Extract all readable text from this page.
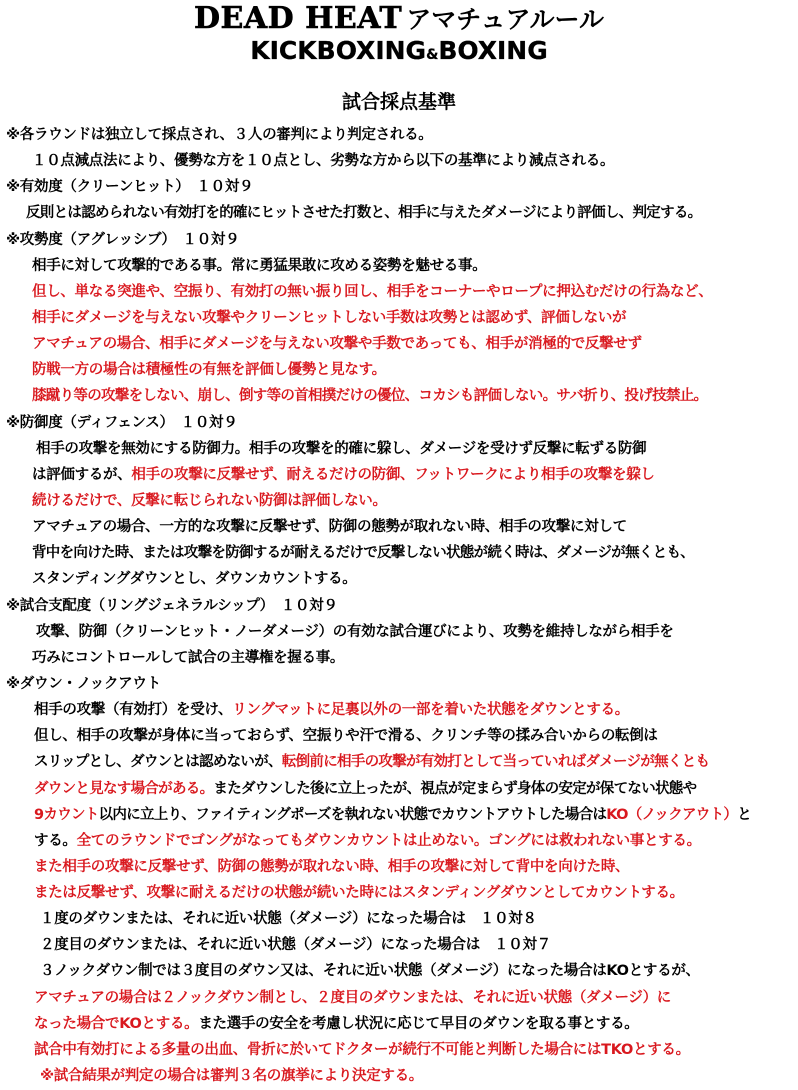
DEAD HEAT アマチュアルール
KICKBOXING&BOXING
試合採点基準
※各ラウンドは独立して採点され、３人の審判により判定される。
１０点減点法により、優勢な方を１０点とし、劣勢な方から以下の基準により減点される。
※有効度（クリーンヒット）　１０対９
反則とは認められない有効打を的確にヒットさせた打数と、相手に与えたダメージにより評価し、判定する。
※攻勢度（アグレッシブ）　１０対９
相手に対して攻撃的である事。常に勇猛果敢に攻める姿勢を魅せる事。
但し、単なる突進や、空振り、有効打の無い振り回し、相手をコーナーやロープに押込むだけの行為など、
相手にダメージを与えない攻撃やクリーンヒットしない手数は攻勢とは認めず、評価しないが
アマチュアの場合、相手にダメージを与えない攻撃や手数であっても、相手が消極的で反撃せず
防戦一方の場合は積極性の有無を評価し優勢と見なす。
膝蹴り等の攻撃をしない、崩し、倒す等の首相撲だけの優位、コカシも評価しない。サバ折り、投げ技禁止。
※防御度（ディフェンス）　１０対９
相手の攻撃を無効にする防御力。相手の攻撃を的確に躱し、ダメージを受けず反撃に転ずる防御
は評価するが、相手の攻撃に反撃せず、耐えるだけの防御、フットワークにより相手の攻撃を躱し
続けるだけで、反撃に転じられない防御は評価しない。
アマチュアの場合、一方的な攻撃に反撃せず、防御の態勢が取れない時、相手の攻撃に対して
背中を向けた時、または攻撃を防御するが耐えるだけで反撃しない状態が続く時は、ダメージが無くとも、
スタンディングダウンとし、ダウンカウントする。
※試合支配度（リングジェネラルシップ）　１０対９
攻撃、防御（クリーンヒット・ノーダメージ）の有効な試合運びにより、攻勢を維持しながら相手を
巧みにコントロールして試合の主導権を握る事。
※ダウン・ノックアウト
相手の攻撃（有効打）を受け、リングマットに足裏以外の一部を着いた状態をダウンとする。
但し、相手の攻撃が身体に当っておらず、空振りや汗で滑る、クリンチ等の揉み合いからの転倒は
スリップとし、ダウンとは認めないが、転倒前に相手の攻撃が有効打として当っていればダメージが無くとも
ダウンと見なす場合がある。またダウンした後に立上ったが、視点が定まらず身体の安定が保てない状態や
9カウント以内に立上り、ファイティングポーズを執れない状態でカウントアウトした場合はKO（ノックアウト）と
する。全てのラウンドでゴングがなってもダウンカウントは止めない。ゴングには救われない事とする。
また相手の攻撃に反撃せず、防御の態勢が取れない時、相手の攻撃に対して背中を向けた時、
または反撃せず、攻撃に耐えるだけの状態が続いた時にはスタンディングダウンとしてカウントする。
１度のダウンまたは、それに近い状態（ダメージ）になった場合は　１０対８
２度目のダウンまたは、それに近い状態（ダメージ）になった場合は　１０対７
３ノックダウン制では３度目のダウン又は、それに近い状態（ダメージ）になった場合はKOとするが、
アマチュアの場合は２ノックダウン制とし、２度目のダウンまたは、それに近い状態（ダメージ）に
なった場合でKOとする。また選手の安全を考慮し状況に応じて早目のダウンを取る事とする。
試合中有効打による多量の出血、骨折に於いてドクターが続行不可能と判断した場合にはTKOとする。
※試合結果が判定の場合は審判３名の旗挙により決定する。
